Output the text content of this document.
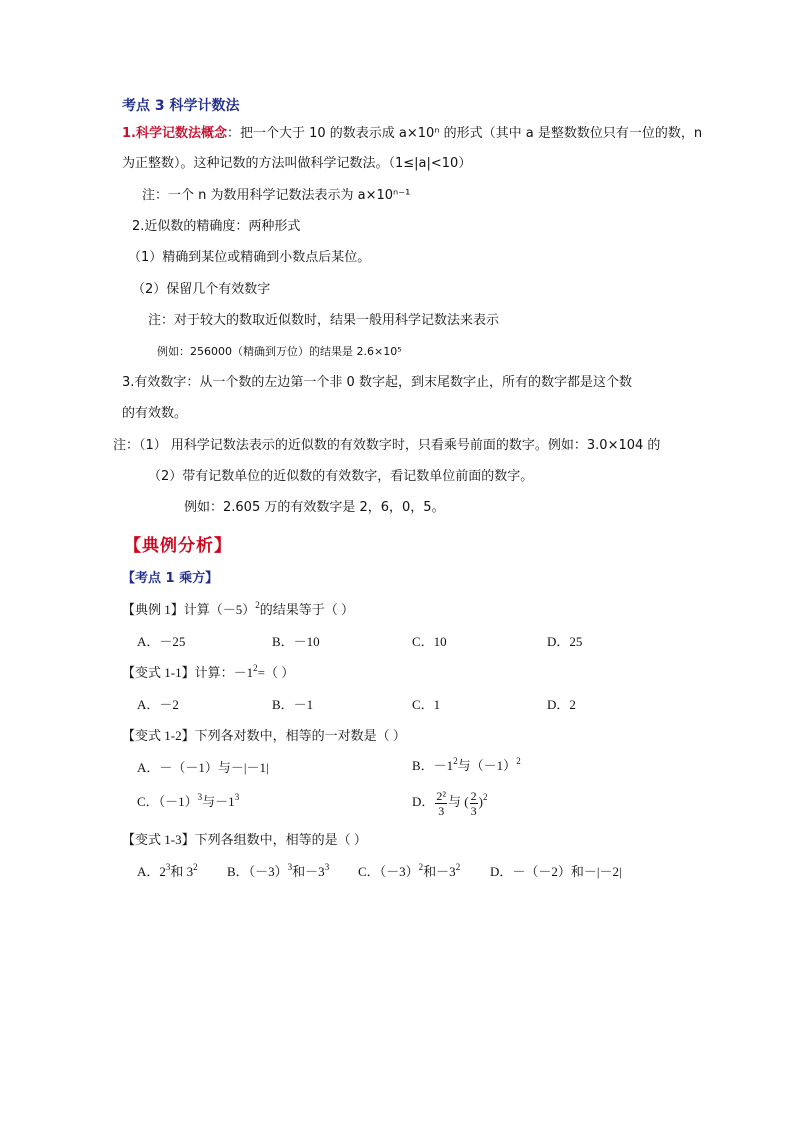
考点 3 科学计数法
1.科学记数法概念：把一个大于 10 的数表示成 a×10ⁿ 的形式（其中 a 是整数数位只有一位的数，n
为正整数）。这种记数的方法叫做科学记数法。（1≤|a|<10）
注：一个 n 为数用科学记数法表示为 a×10ⁿ⁻¹
2.近似数的精确度：两种形式
（1）精确到某位或精确到小数点后某位。
（2）保留几个有效数字
注：对于较大的数取近似数时，结果一般用科学记数法来表示
例如：256000（精确到万位）的结果是 2.6×10⁵
3.有效数字：从一个数的左边第一个非 0 数字起，到末尾数字止，所有的数字都是这个数
的有效数。
注：（1） 用科学记数法表示的近似数的有效数字时，只看乘号前面的数字。例如：3.0×104 的
（2）带有记数单位的近似数的有效数字，看记数单位前面的数字。
例如：2.605 万的有效数字是 2，6，0，5。
【典例分析】
【考点 1 乘方】
【典例 1】计算$(-5)^2$的结果等于（ ）
A．－25	B．－10	C．10	D．25
【变式 1-1】计算：$-1^2=$（ ）
A．－2	B．－1	C．1	D．2
【变式 1-2】下列各对数中，相等的一对数是（ ）
A．－（－1）与－|－1|	B．$-1^2$与$(-1)^2$
C．$(-1)^3$与$-1^3$	D． $\frac{\text{2²}}{3}$ 与 ( $\frac{2}{3} )^2$
【变式 1-3】下列各组数中，相等的是（ ）
A．$2^3$和 $3^2$ B．$(-3)^3$和$-3^3$ C．$(-3)^2$和$-3^2$ D．－（－2）和－|－2|
